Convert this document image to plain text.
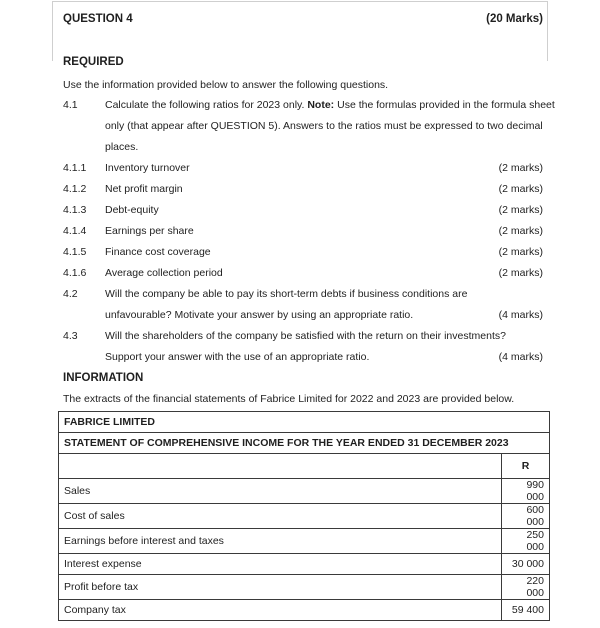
QUESTION 4	(20 Marks)
REQUIRED
Use the information provided below to answer the following questions.
4.1	Calculate the following ratios for 2023 only. Note: Use the formulas provided in the formula sheet
only (that appear after QUESTION 5). Answers to the ratios must be expressed to two decimal
places.
4.1.1 Inventory turnover	(2 marks)
4.1.2 Net profit margin	(2 marks)
4.1.3 Debt-equity	(2 marks)
4.1.4 Earnings per share	(2 marks)
4.1.5 Finance cost coverage	(2 marks)
4.1.6 Average collection period	(2 marks)
4.2	Will the company be able to pay its short-term debts if business conditions are
unfavourable? Motivate your answer by using an appropriate ratio.	(4 marks)
4.3	Will the shareholders of the company be satisfied with the return on their investments?
Support your answer with the use of an appropriate ratio.	(4 marks)
INFORMATION
The extracts of the financial statements of Fabrice Limited for 2022 and 2023 are provided below.
FABRICE LIMITED	
STATEMENT OF COMPREHENSIVE INCOME FOR THE YEAR ENDED 31 DECEMBER 2023	
	R
Sales	990 000
Cost of sales	600 000
Earnings before interest and taxes	250 000
Interest expense	30 000
Profit before tax	220 000
Company tax	59 400
